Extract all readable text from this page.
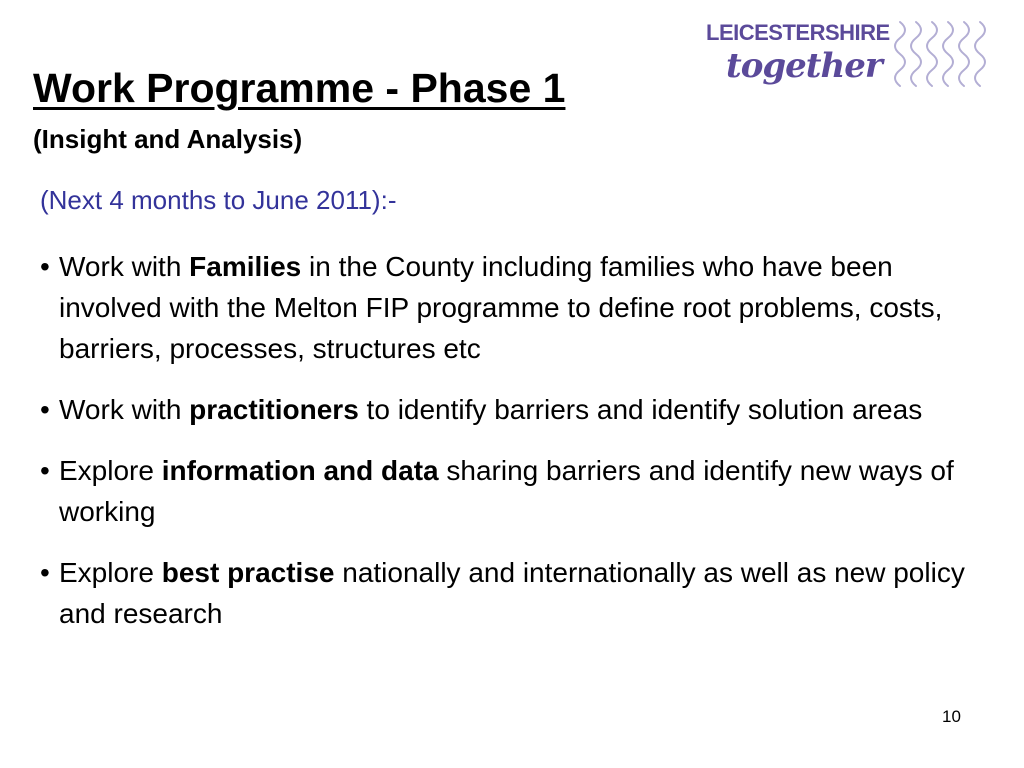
Work Programme - Phase 1
(Insight and Analysis)
(Next 4 months to June 2011):-
LEICESTERSHIRE
together
• Work with Families in the County including families who have been involved with the Melton FIP programme to define root problems, costs, barriers, processes, structures etc
• Work with practitioners to identify barriers and identify solution areas
• Explore information and data sharing barriers and identify new ways of working
• Explore best practise nationally and internationally as well as new policy and research
10
